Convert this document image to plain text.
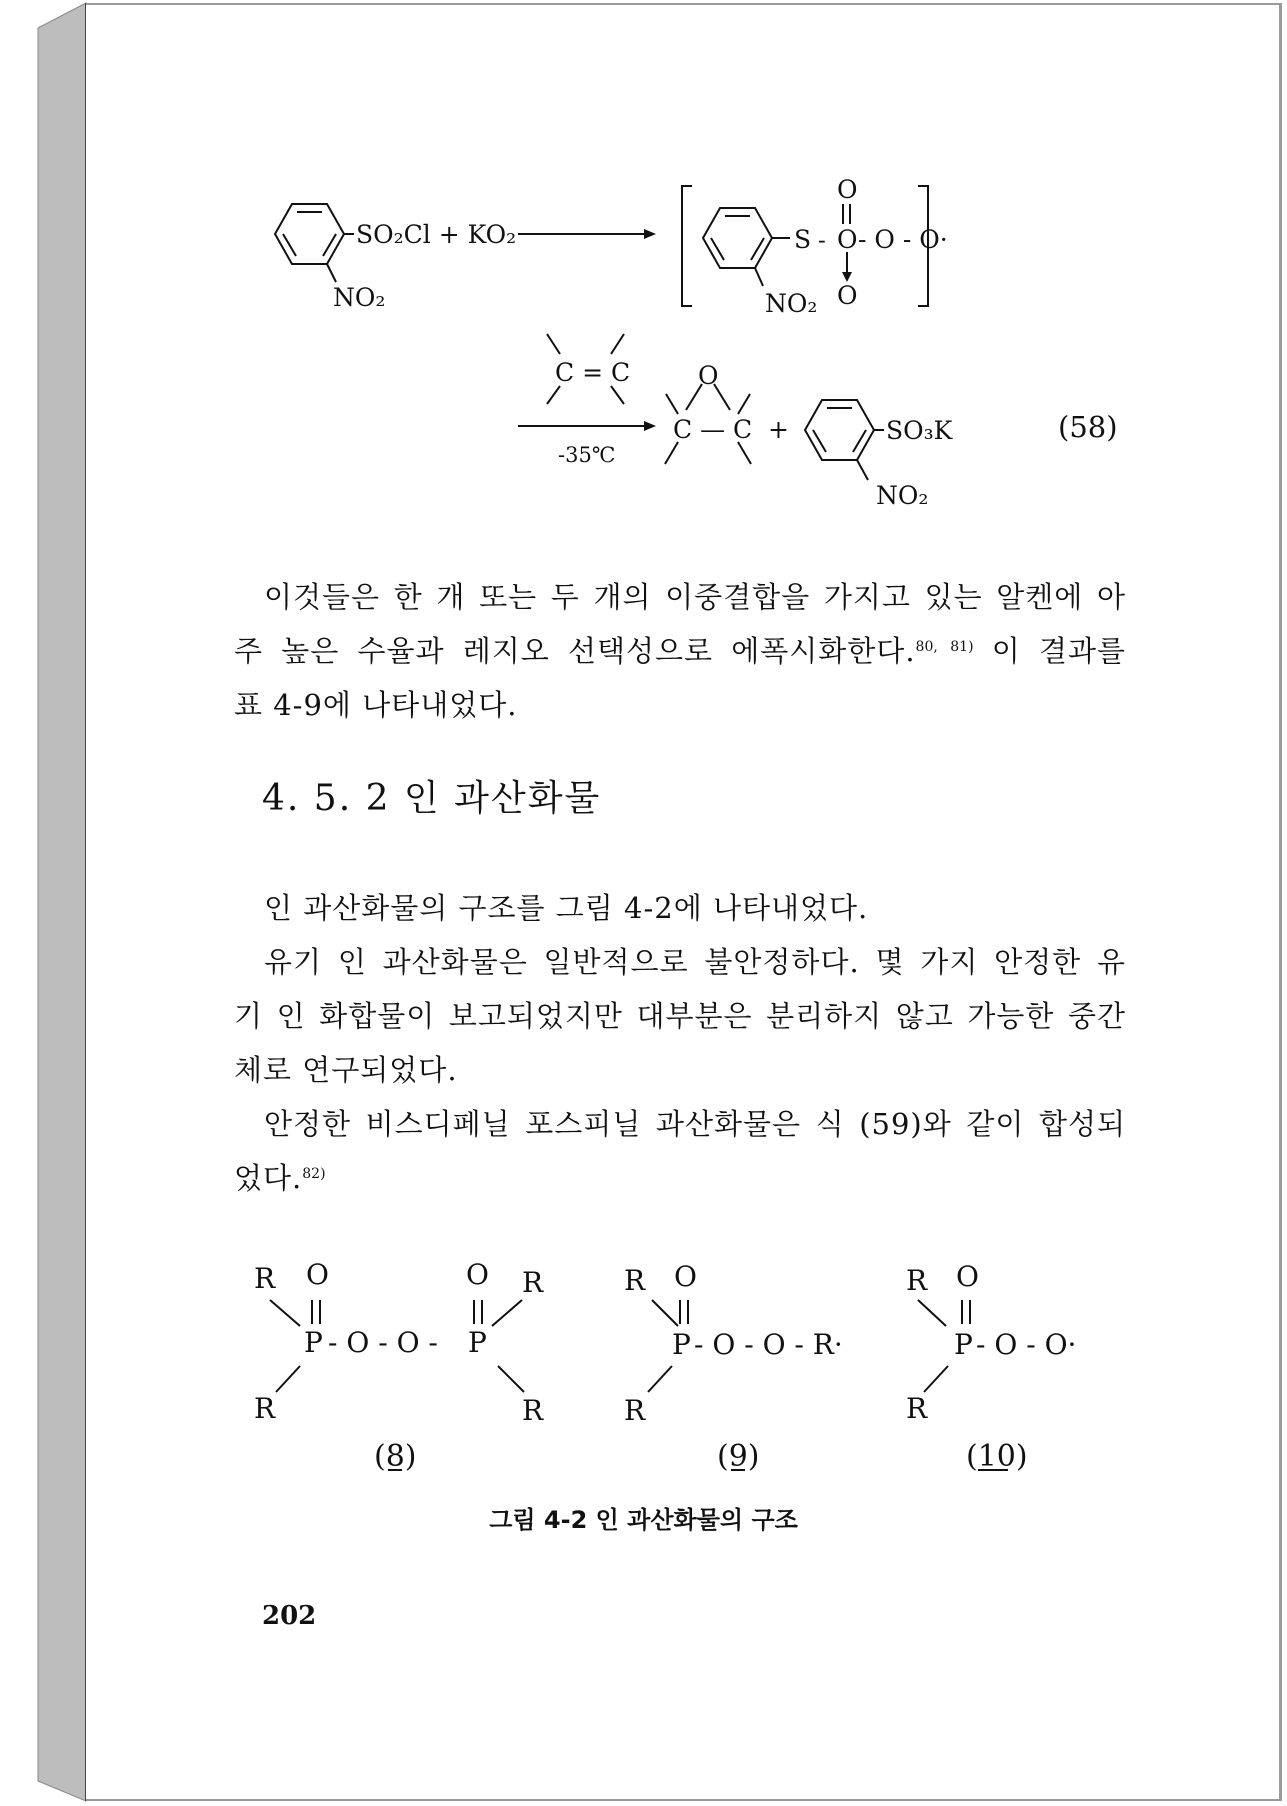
SO₂Cl + KO₂
NO₂
S
O
- O - O - O·
O
NO₂
C = C
-35℃
O
C — C +	SO₃K
NO₂
(58)
이것들은 한 개 또는 두 개의 이중결합을 가지고 있는 알켄에 아
주 높은 수율과 레지오 선택성으로 에폭시화한다.$^{80, 81)}$ 이 결과를
표 4-9에 나타내었다.
4. 5. 2 인 과산화물
인 과산화물의 구조를 그림 4-2에 나타내었다.
유기 인 과산화물은 일반적으로 불안정하다. 몇 가지 안정한 유
기 인 화합물이 보고되었지만 대부분은 분리하지 않고 가능한 중간
체로 연구되었다.
안정한 비스디페닐 포스피닐 과산화물은 식 (59)와 같이 합성되
었다.$^{82)}$
R O
P - O - O - P
O R
R	R
R O
P - O - O - R·
R
R O
P - O - O·
R
(8)	(9)	(10)
그림 4-2 인 과산화물의 구조
202
